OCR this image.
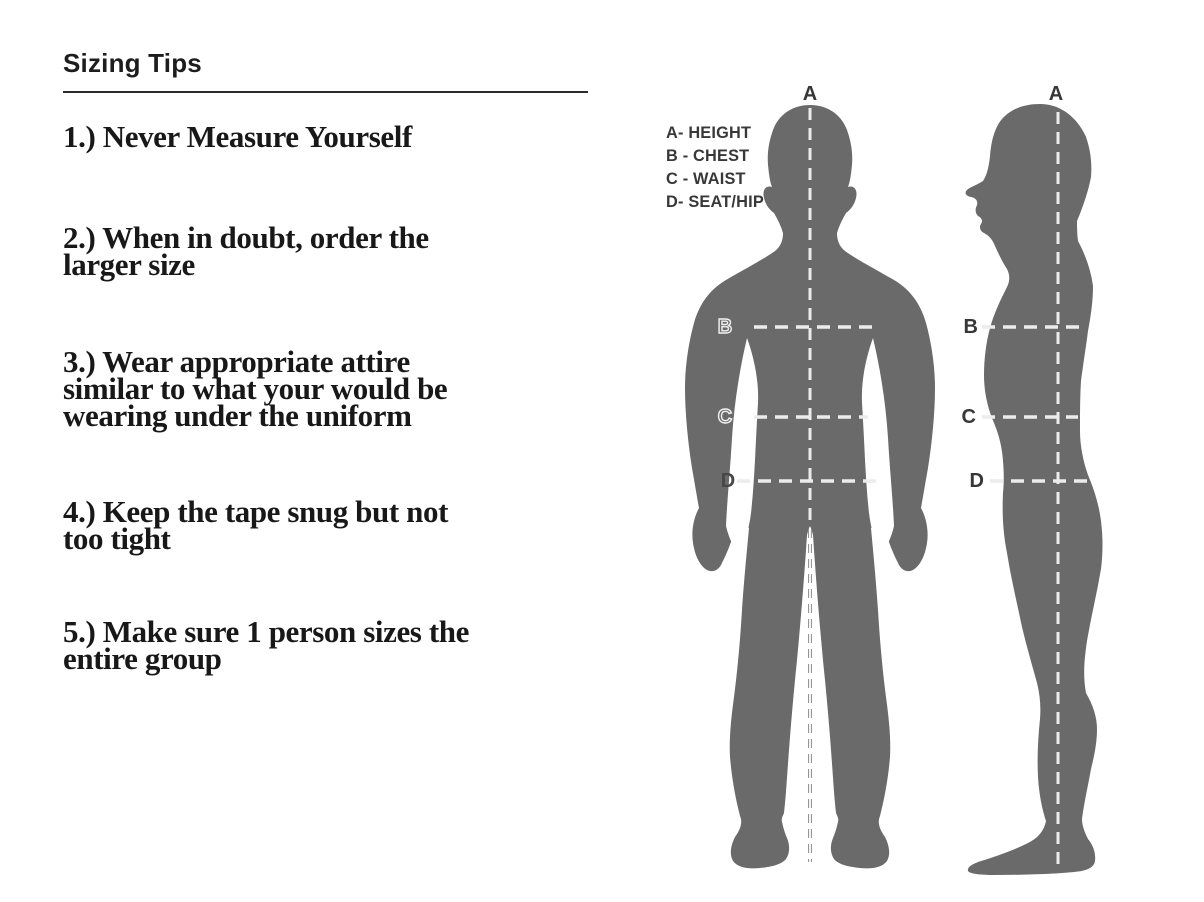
Sizing Tips
1.) Never Measure Yourself
2.) When in doubt, order the
larger size
3.) Wear appropriate attire
similar to what your would be
wearing under the uniform
4.) Keep the tape snug but not
too tight
5.) Make sure 1 person sizes the
entire group
A- HEIGHT
B - CHEST
C - WAIST
D- SEAT/HIP
A
B
C
D
A
B
C
D
